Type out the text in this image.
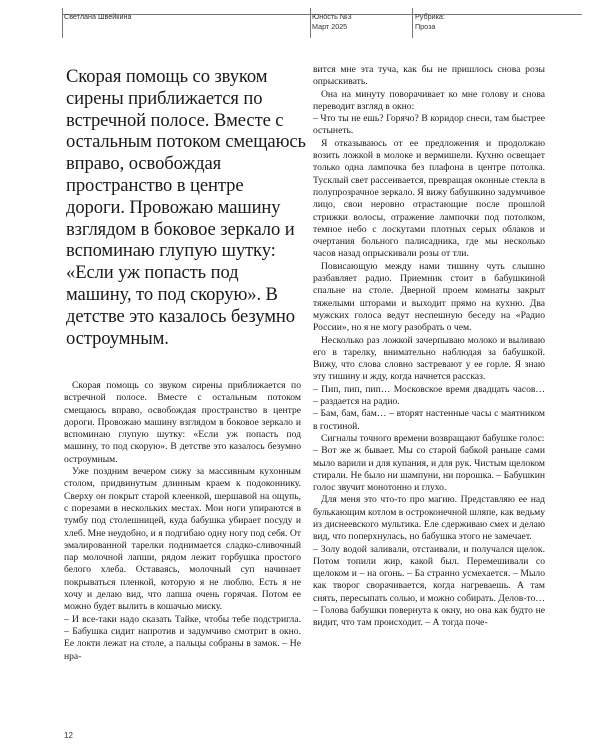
Светлана Швейкина	Юность №3
Март 2025
Рубрика:
Проза

Скорая помощь со звуком сирены приближается по встречной полосе. Вместе с остальным потоком смещаюсь вправо, освобождая пространство в центре дороги. Провожаю машину взглядом в боковое зеркало и вспоминаю глупую шутку: «Если уж попасть под машину, то под скорую». В детстве это казалось безумно остроумным.

Скорая помощь со звуком сирены приближается по встречной полосе. Вместе с остальным потоком смещаюсь вправо, освобождая пространство в центре дороги. Провожаю машину взглядом в боковое зеркало и вспоминаю глупую шутку: «Если уж попасть под машину, то под скорую». В детстве это казалось безумно остроумным.

Уже поздним вечером сижу за массивным кухонным столом, придвинутым длинным краем к подоконнику. Сверху он покрыт старой клеенкой, шершавой на ощупь, с порезами в нескольких местах. Мои ноги упираются в тумбу под столешницей, куда бабушка убирает посуду и хлеб. Мне неудобно, и я подгибаю одну ногу под себя. От эмалированной тарелки поднимается сладко-сливочный пар молочной лапши, рядом лежит горбушка простого белого хлеба. Оставаясь, молочный суп начинает покрываться пленкой, которую я не люблю. Есть я не хочу и делаю вид, что лапша очень горячая. Потом ее можно будет вылить в кошачью миску.

– И все-таки надо сказать Тайке, чтобы тебе подстригла. – Бабушка сидит напротив и задумчиво смотрит в окно. Ее локти лежат на столе, а пальцы собраны в замок. – Не нра-

вится мне эта туча, как бы не пришлось снова розы опрыскивать.

Она на минуту поворачивает ко мне голову и снова переводит взгляд в окно:

– Что ты не ешь? Горячо? В коридор снеси, там быстрее остынеть.

Я отказываюсь от ее предложения и продолжаю возить ложкой в молоке и вермишели. Кухню освещает только одна лампочка без плафона в центре потолка. Тусклый свет рассеивается, превращая оконные стекла в полупрозрачное зеркало. Я вижу бабушкино задумчивое лицо, свои неровно отрастающие после прошлой стрижки волосы, отражение лампочки под потолком, темное небо с лоскутами плотных серых облаков и очертания больного палисадника, где мы несколько часов назад опрыскивали розы от тли.

Повисающую между нами тишину чуть слышно разбавляет радио. Приемник стоит в бабушкиной спальне на столе. Дверной проем комнаты закрыт тяжелыми шторами и выходит прямо на кухню. Два мужских голоса ведут неспешную беседу на «Радио России», но я не могу разобрать о чем.

Несколько раз ложкой зачерпываю молоко и выливаю его в тарелку, внимательно наблюдая за бабушкой. Вижу, что слова словно застревают у ее горле. Я знаю эту тишину и жду, когда начнется рассказ.

– Пип, пип, пип… Московское время двадцать часов… – раздается на радио.

– Бам, бам, бам… – вторят настенные часы с маятником в гостиной.

Сигналы точного времени возвращают бабушке голос:

– Вот же ж бывает. Мы со старой бабкой раньше сами мыло варили и для купания, и для рук. Чистым щелоком стирали. Не было ни шампуни, ни порошка. – Бабушкин голос звучит монотонно и глухо.

Для меня это что-то про магию. Представляю ее над булькающим котлом в остроконечной шляпе, как ведьму из диснеевского мультика. Еле сдерживаю смех и делаю вид, что поперхнулась, но бабушка этого не замечает.

– Золу водой заливали, отстаивали, и получался щелок. Потом топили жир, какой был. Перемешивали со щелоком и – на огонь. – Ба странно усмехается. – Мыло как творог сворачивается, когда нагреваешь. А там снять, пересыпать солью, и можно собирать. Делов-то… – Голова бабушки повернута к окну, но она как будто не видит, что там происходит. – А тогда поче-

12
